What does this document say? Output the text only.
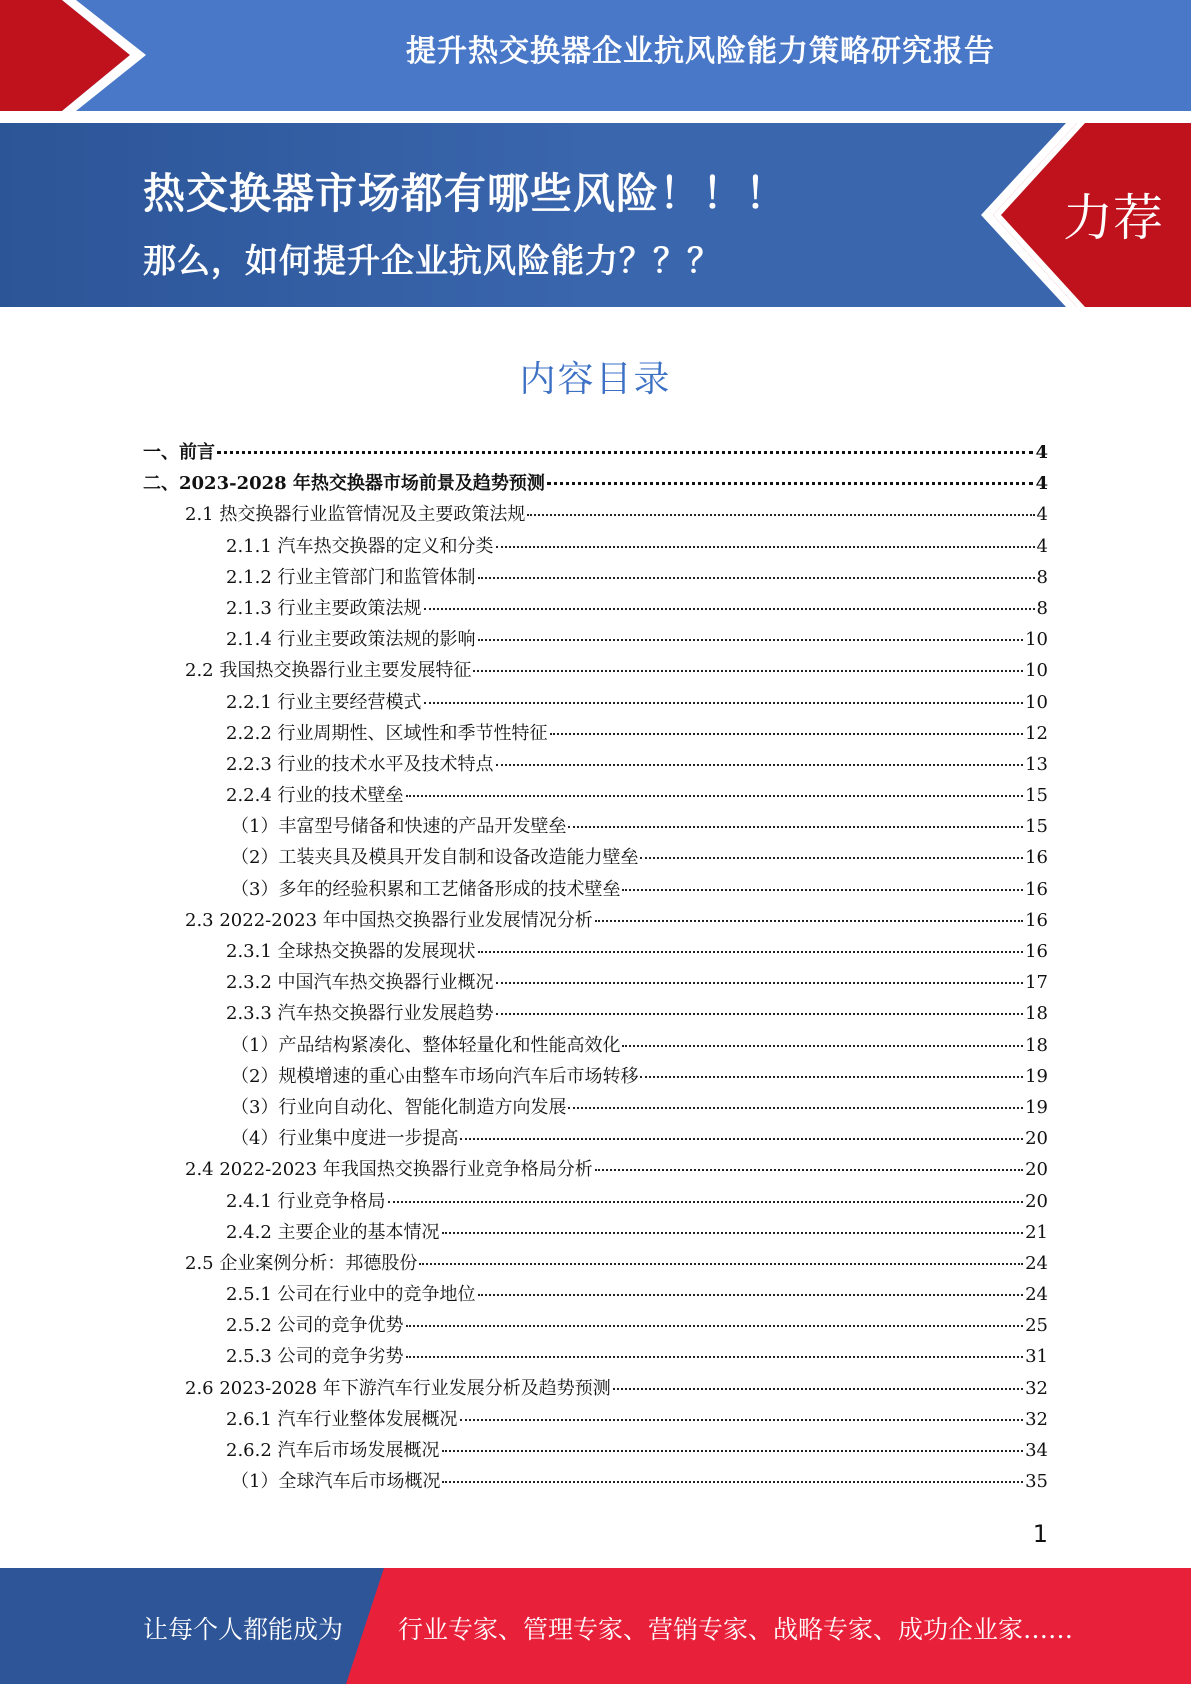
提升热交换器企业抗风险能力策略研究报告
热交换器市场都有哪些风险！！！
那么，如何提升企业抗风险能力？？？
力荐
内容目录
一、前言	4
二、2023-2028 年热交换器市场前景及趋势预测	4
2.1 热交换器行业监管情况及主要政策法规	4
2.1.1 汽车热交换器的定义和分类	4
2.1.2 行业主管部门和监管体制	8
2.1.3 行业主要政策法规	8
2.1.4 行业主要政策法规的影响	10
2.2 我国热交换器行业主要发展特征	10
2.2.1 行业主要经营模式	10
2.2.2 行业周期性、区域性和季节性特征	12
2.2.3 行业的技术水平及技术特点	13
2.2.4 行业的技术壁垒	15
（1）丰富型号储备和快速的产品开发壁垒	15
（2）工装夹具及模具开发自制和设备改造能力壁垒	16
（3）多年的经验积累和工艺储备形成的技术壁垒	16
2.3 2022-2023 年中国热交换器行业发展情况分析	16
2.3.1 全球热交换器的发展现状	16
2.3.2 中国汽车热交换器行业概况	17
2.3.3 汽车热交换器行业发展趋势	18
（1）产品结构紧凑化、整体轻量化和性能高效化	18
（2）规模增速的重心由整车市场向汽车后市场转移	19
（3）行业向自动化、智能化制造方向发展	19
（4）行业集中度进一步提高	20
2.4 2022-2023 年我国热交换器行业竞争格局分析	20
2.4.1 行业竞争格局	20
2.4.2 主要企业的基本情况	21
2.5 企业案例分析：邦德股份	24
2.5.1 公司在行业中的竞争地位	24
2.5.2 公司的竞争优势	25
2.5.3 公司的竞争劣势	31
2.6 2023-2028 年下游汽车行业发展分析及趋势预测	32
2.6.1 汽车行业整体发展概况	32
2.6.2 汽车后市场发展概况	34
（1）全球汽车后市场概况	35
1
让每个人都能成为 行业专家、管理专家、营销专家、战略专家、成功企业家……
